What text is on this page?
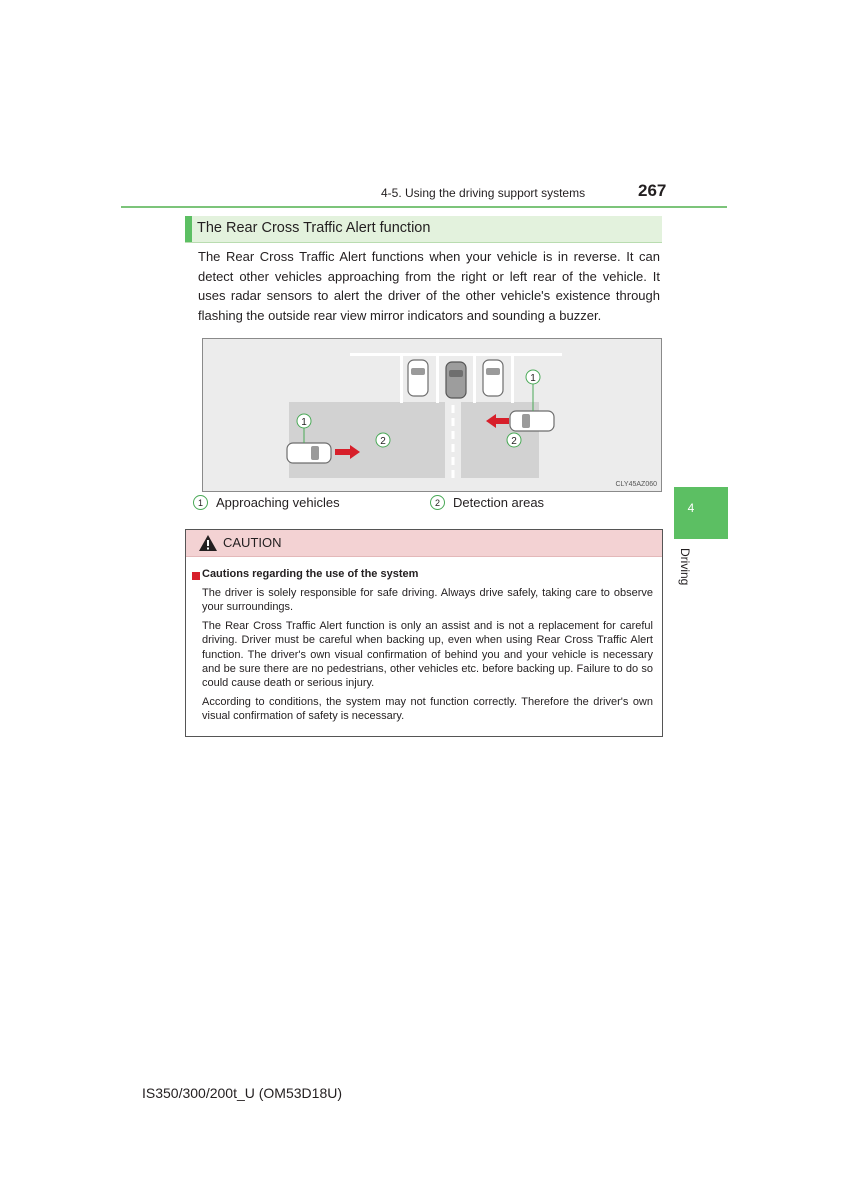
4-5. Using the driving support systems	267
4
Driving
The Rear Cross Traffic Alert function
The Rear Cross Traffic Alert functions when your vehicle is in reverse. It can detect other vehicles approaching from the right or left rear of the vehicle. It uses radar sensors to alert the driver of the other vehicle's existence through flashing the outside rear view mirror indicators and sounding a buzzer.
1
1
2	2
CLY45AZ060
1	Approaching vehicles	2	Detection areas
CAUTION
Cautions regarding the use of the system
The driver is solely responsible for safe driving. Always drive safely, taking care to observe your surroundings.
The Rear Cross Traffic Alert function is only an assist and is not a replacement for careful driving. Driver must be careful when backing up, even when using Rear Cross Traffic Alert function. The driver's own visual confirmation of behind you and your vehicle is necessary and be sure there are no pedestrians, other vehicles etc. before backing up. Failure to do so could cause death or serious injury.
According to conditions, the system may not function correctly. Therefore the driver's own visual confirmation of safety is necessary.
IS350/300/200t_U (OM53D18U)
